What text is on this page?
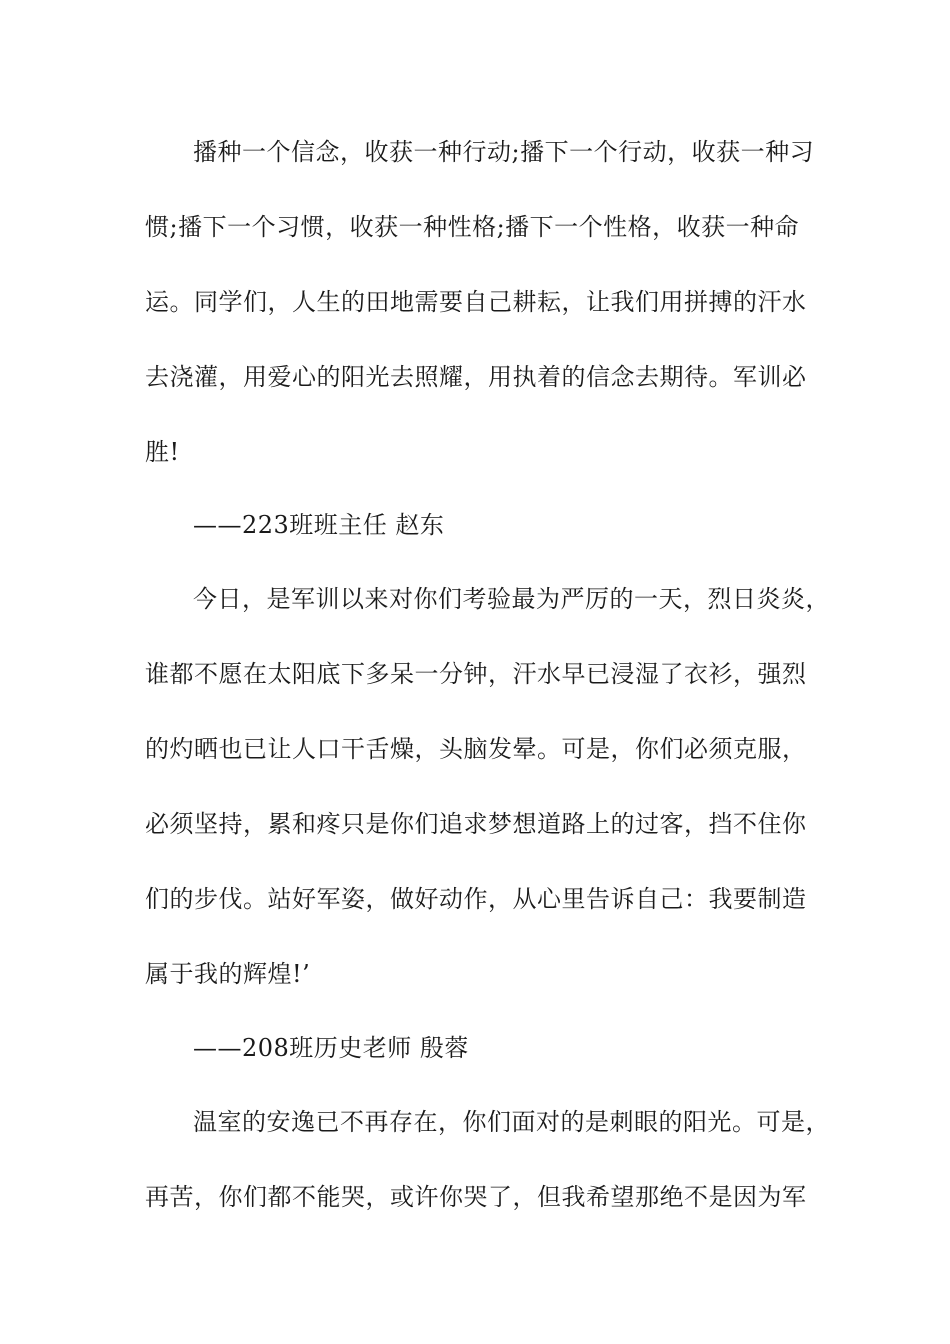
播种一个信念，收获一种行动;播下一个行动，收获一种习
惯;播下一个习惯，收获一种性格;播下一个性格，收获一种命
运。同学们，人生的田地需要自己耕耘，让我们用拼搏的汗水
去浇灌，用爱心的阳光去照耀，用执着的信念去期待。军训必
胜!
——223班班主任 赵东
今日，是军训以来对你们考验最为严厉的一天，烈日炎炎，
谁都不愿在太阳底下多呆一分钟，汗水早已浸湿了衣衫，强烈
的灼晒也已让人口干舌燥，头脑发晕。可是，你们必须克服，
必须坚持，累和疼只是你们追求梦想道路上的过客，挡不住你
们的步伐。站好军姿，做好动作，从心里告诉自己：我要制造
属于我的辉煌!’
——208班历史老师 殷蓉
温室的安逸已不再存在，你们面对的是刺眼的阳光。可是，
再苦，你们都不能哭，或许你哭了，但我希望那绝不是因为军
